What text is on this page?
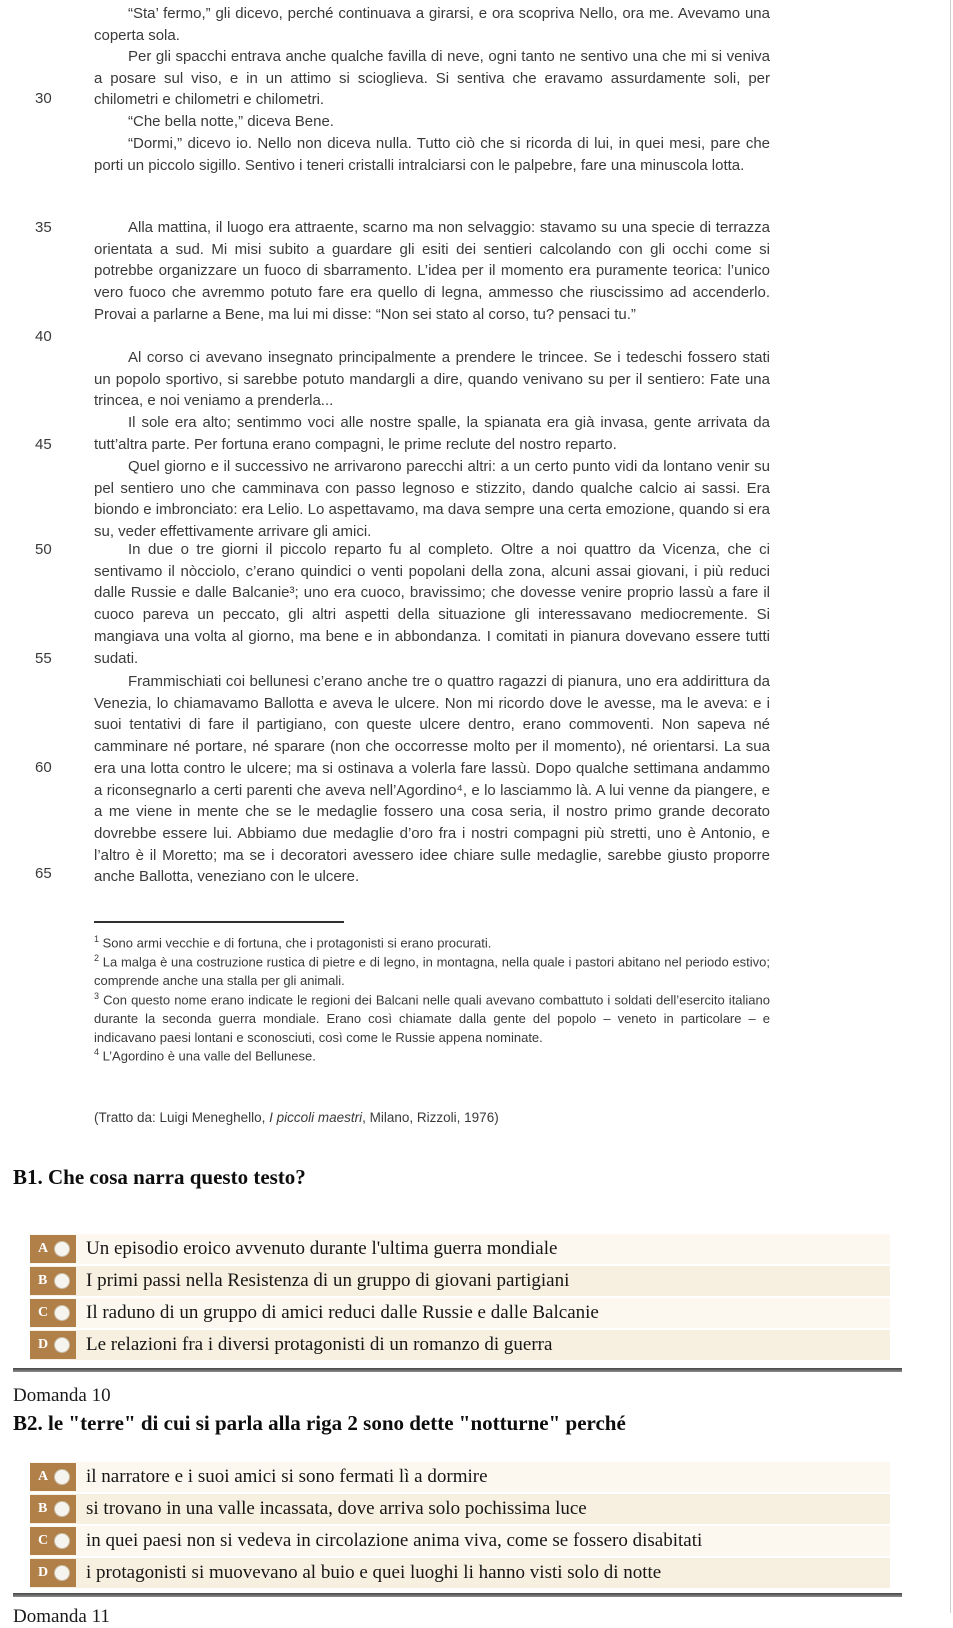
“Sta’ fermo,” gli dicevo, perché continuava a girarsi, e ora scopriva Nello, ora me. Avevamo una coperta sola.

Per gli spacchi entrava anche qualche favilla di neve, ogni tanto ne sentivo una che mi si veniva a posare sul viso, e in un attimo si scioglieva. Si sentiva che eravamo assurdamente soli, per chilometri e chilometri e chilometri.

“Che bella notte,” diceva Bene.

“Dormi,” dicevo io. Nello non diceva nulla. Tutto ciò che si ricorda di lui, in quei mesi, pare che porti un piccolo sigillo. Sentivo i teneri cristalli intralciarsi con le palpebre, fare una minuscola lotta.

Alla mattina, il luogo era attraente, scarno ma non selvaggio: stavamo su una specie di terrazza orientata a sud. Mi misi subito a guardare gli esiti dei sentieri calcolando con gli occhi come si potrebbe organizzare un fuoco di sbarramento. L’idea per il momento era puramente teorica: l’unico vero fuoco che avremmo potuto fare era quello di legna, ammesso che riuscissimo ad accenderlo. Provai a parlarne a Bene, ma lui mi disse: “Non sei stato al corso, tu? pensaci tu.”

Al corso ci avevano insegnato principalmente a prendere le trincee. Se i tedeschi fossero stati un popolo sportivo, si sarebbe potuto mandargli a dire, quando venivano su per il sentiero: Fate una trincea, e noi veniamo a prenderla...

Il sole era alto; sentimmo voci alle nostre spalle, la spianata era già invasa, gente arrivata da tutt’altra parte. Per fortuna erano compagni, le prime reclute del nostro reparto.

Quel giorno e il successivo ne arrivarono parecchi altri: a un certo punto vidi da lontano venir su pel sentiero uno che camminava con passo legnoso e stizzito, dando qualche calcio ai sassi. Era biondo e imbronciato: era Lelio. Lo aspettavamo, ma dava sempre una certa emozione, quando si era su, veder effettivamente arrivare gli amici.

In due o tre giorni il piccolo reparto fu al completo. Oltre a noi quattro da Vicenza, che ci sentivamo il nòcciolo, c’erano quindici o venti popolani della zona, alcuni assai giovani, i più reduci dalle Russie e dalle Balcanie³; uno era cuoco, bravissimo; che dovesse venire proprio lassù a fare il cuoco pareva un peccato, gli altri aspetti della situazione gli interessavano mediocremente. Si mangiava una volta al giorno, ma bene e in abbondanza. I comitati in pianura dovevano essere tutti sudati.

Frammischiati coi bellunesi c’erano anche tre o quattro ragazzi di pianura, uno era addirittura da Venezia, lo chiamavamo Ballotta e aveva le ulcere. Non mi ricordo dove le avesse, ma le aveva: e i suoi tentativi di fare il partigiano, con queste ulcere dentro, erano commoventi. Non sapeva né camminare né portare, né sparare (non che occorresse molto per il momento), né orientarsi. La sua era una lotta contro le ulcere; ma si ostinava a volerla fare lassù. Dopo qualche settimana andammo a riconsegnarlo a certi parenti che aveva nell’Agordino⁴, e lo lasciammo là. A lui venne da piangere, e a me viene in mente che se le medaglie fossero una cosa seria, il nostro primo grande decorato dovrebbe essere lui. Abbiamo due medaglie d’oro fra i nostri compagni più stretti, uno è Antonio, e l’altro è il Moretto; ma se i decoratori avessero idee chiare sulle medaglie, sarebbe giusto proporre anche Ballotta, veneziano con le ulcere.

30
35
40
45
50
55
60
65

$^1$ Sono armi vecchie e di fortuna, che i protagonisti si erano procurati.

$^2$ La malga è una costruzione rustica di pietre e di legno, in montagna, nella quale i pastori abitano nel periodo estivo; comprende anche una stalla per gli animali.

$^3$ Con questo nome erano indicate le regioni dei Balcani nelle quali avevano combattuto i soldati dell’esercito italiano durante la seconda guerra mondiale. Erano così chiamate dalla gente del popolo – veneto in particolare – e indicavano paesi lontani e sconosciuti, così come le Russie appena nominate.

$^4$ L’Agordino è una valle del Bellunese.

(Tratto da: Luigi Meneghello, I piccoli maestri, Milano, Rizzoli, 1976)

B1. Che cosa narra questo testo?
A	Un episodio eroico avvenuto durante l'ultima guerra mondiale
B	I primi passi nella Resistenza di un gruppo di giovani partigiani
C	Il raduno di un gruppo di amici reduci dalle Russie e dalle Balcanie
D	Le relazioni fra i diversi protagonisti di un romanzo di guerra

Domanda 10

B2. le "terre" di cui si parla alla riga 2 sono dette "notturne" perché
A	il narratore e i suoi amici si sono fermati lì a dormire
B	si trovano in una valle incassata, dove arriva solo pochissima luce
C	in quei paesi non si vedeva in circolazione anima viva, come se fossero disabitati
D	i protagonisti si muovevano al buio e quei luoghi li hanno visti solo di notte
Domanda 11
